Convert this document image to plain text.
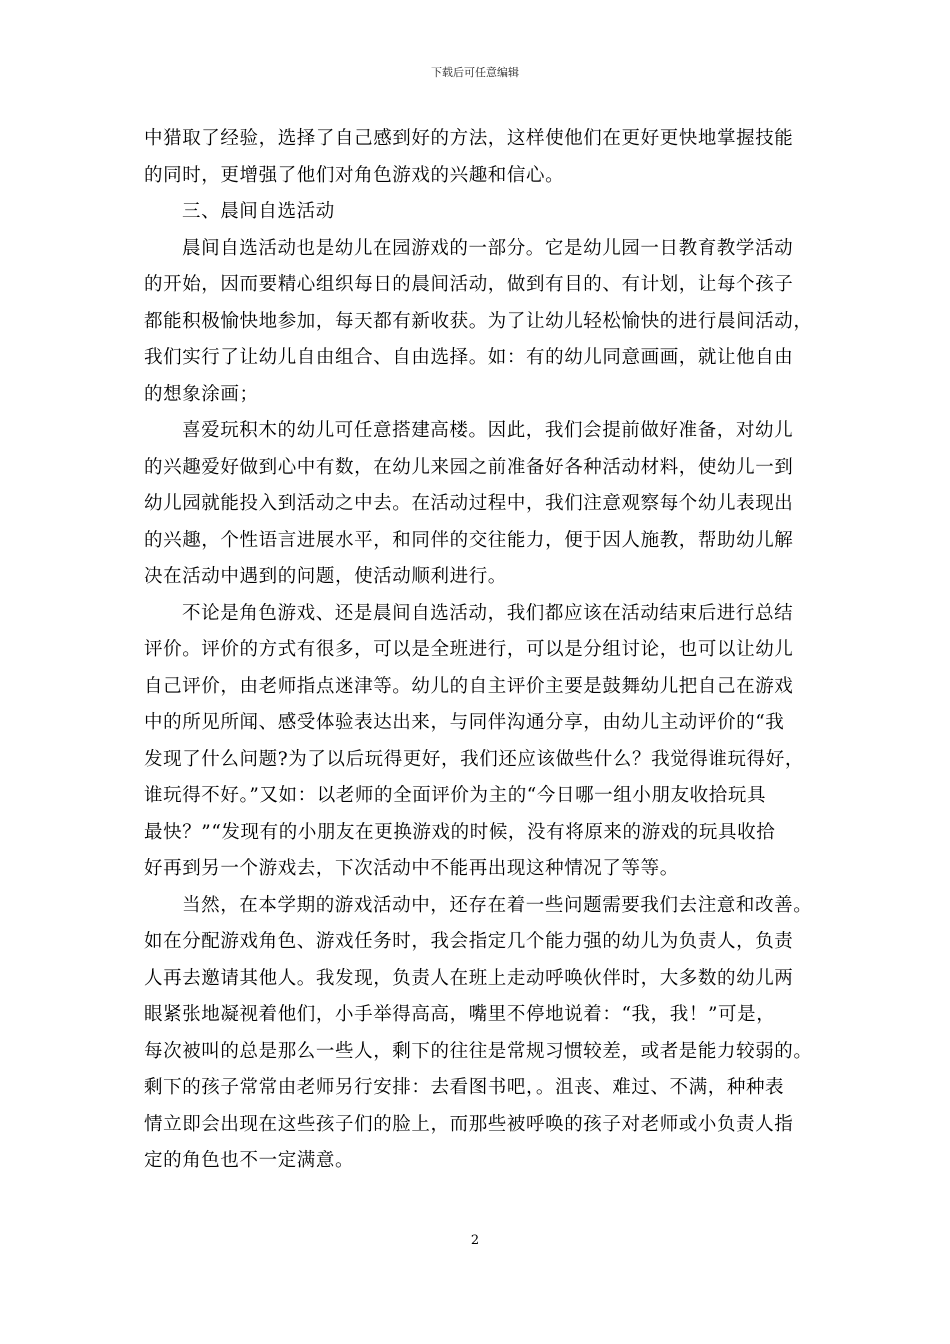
下载后可任意编辑
中猎取了经验，选择了自己感到好的方法，这样使他们在更好更快地掌握技能
的同时，更增强了他们对角色游戏的兴趣和信心。
三、晨间自选活动
晨间自选活动也是幼儿在园游戏的一部分。它是幼儿园一日教育教学活动
的开始，因而要精心组织每日的晨间活动，做到有目的、有计划，让每个孩子
都能积极愉快地参加，每天都有新收获。为了让幼儿轻松愉快的进行晨间活动，
我们实行了让幼儿自由组合、自由选择。如：有的幼儿同意画画，就让他自由
的想象涂画；
喜爱玩积木的幼儿可任意搭建高楼。因此，我们会提前做好准备，对幼儿
的兴趣爱好做到心中有数，在幼儿来园之前准备好各种活动材料，使幼儿一到
幼儿园就能投入到活动之中去。在活动过程中，我们注意观察每个幼儿表现出
的兴趣，个性语言进展水平，和同伴的交往能力，便于因人施教，帮助幼儿解
决在活动中遇到的问题，使活动顺利进行。
不论是角色游戏、还是晨间自选活动，我们都应该在活动结束后进行总结
评价。评价的方式有很多，可以是全班进行，可以是分组讨论，也可以让幼儿
自己评价，由老师指点迷津等。幼儿的自主评价主要是鼓舞幼儿把自己在游戏
中的所见所闻、感受体验表达出来，与同伴沟通分享，由幼儿主动评价的“我
发现了什么问题?为了以后玩得更好，我们还应该做些什么？我觉得谁玩得好，
谁玩得不好。”又如：以老师的全面评价为主的“今日哪一组小朋友收拾玩具
最快？”“发现有的小朋友在更换游戏的时候，没有将原来的游戏的玩具收拾
好再到另一个游戏去，下次活动中不能再出现这种情况了等等。
当然，在本学期的游戏活动中，还存在着一些问题需要我们去注意和改善。
如在分配游戏角色、游戏任务时，我会指定几个能力强的幼儿为负责人，负责
人再去邀请其他人。我发现，负责人在班上走动呼唤伙伴时，大多数的幼儿两
眼紧张地凝视着他们，小手举得高高，嘴里不停地说着：“我，我！”可是，
每次被叫的总是那么一些人，剩下的往往是常规习惯较差，或者是能力较弱的。
剩下的孩子常常由老师另行安排：去看图书吧，。沮丧、难过、不满，种种表
情立即会出现在这些孩子们的脸上，而那些被呼唤的孩子对老师或小负责人指
定的角色也不一定满意。
2
